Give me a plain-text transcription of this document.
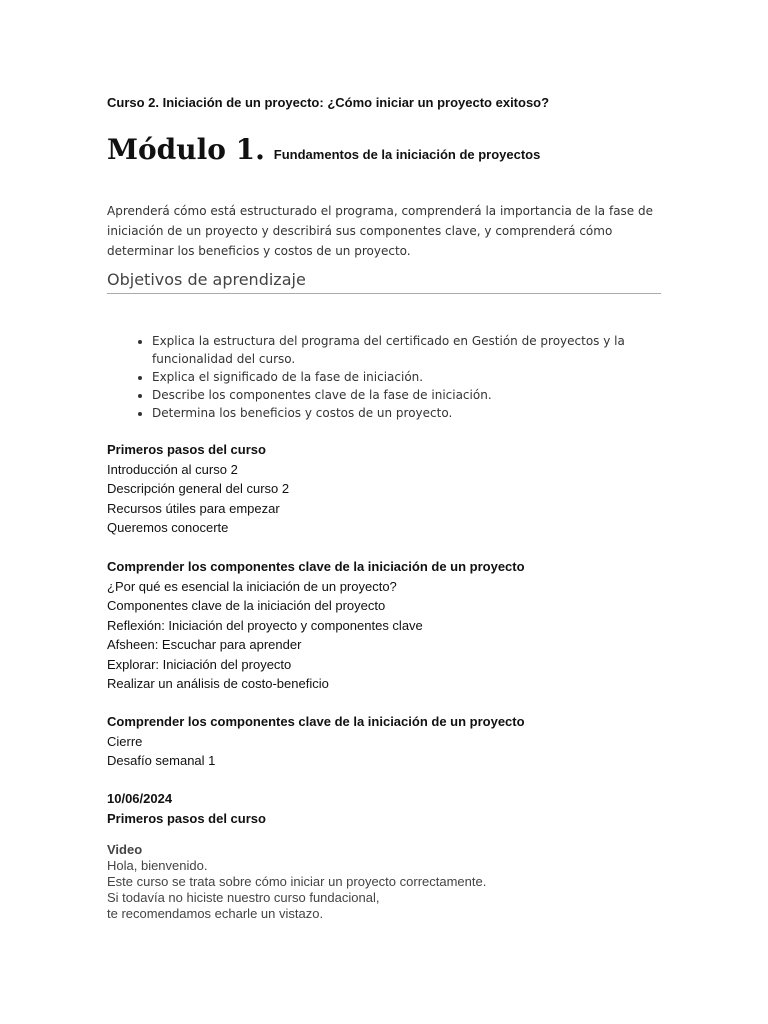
Curso 2. Iniciación de un proyecto: ¿Cómo iniciar un proyecto exitoso?

Módulo 1. Fundamentos de la iniciación de proyectos

Aprenderá cómo está estructurado el programa, comprenderá la importancia de la fase de iniciación de un proyecto y describirá sus componentes clave, y comprenderá cómo determinar los beneficios y costos de un proyecto.

Objetivos de aprendizaje
• Explica la estructura del programa del certificado en Gestión de proyectos y la funcionalidad del curso.
• Explica el significado de la fase de iniciación.
• Describe los componentes clave de la fase de iniciación.
• Determina los beneficios y costos de un proyecto.
Primeros pasos del curso
Introducción al curso 2
Descripción general del curso 2
Recursos útiles para empezar
Queremos conocerte
Comprender los componentes clave de la iniciación de un proyecto
¿Por qué es esencial la iniciación de un proyecto?
Componentes clave de la iniciación del proyecto
Reflexión: Iniciación del proyecto y componentes clave
Afsheen: Escuchar para aprender
Explorar: Iniciación del proyecto
Realizar un análisis de costo-beneficio
Comprender los componentes clave de la iniciación de un proyecto
Cierre
Desafío semanal 1
10/06/2024
Primeros pasos del curso
Video
Hola, bienvenido.
Este curso se trata sobre cómo iniciar un proyecto correctamente.
Si todavía no hiciste nuestro curso fundacional,
te recomendamos echarle un vistazo.
